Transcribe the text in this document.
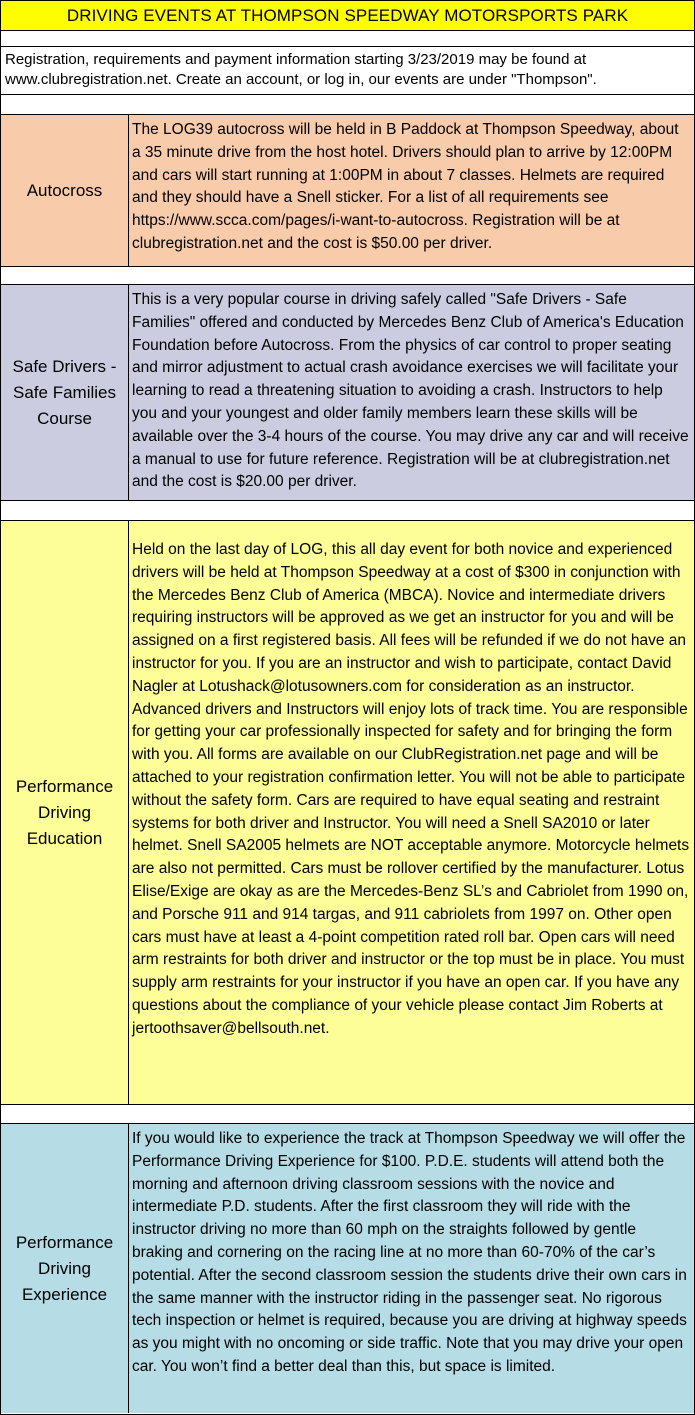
DRIVING EVENTS AT THOMPSON SPEEDWAY MOTORSPORTS PARK
Registration, requirements and payment information starting 3/23/2019 may be found at www.clubregistration.net. Create an account, or log in, our events are under "Thompson".
Autocross
The LOG39 autocross will be held in B Paddock at Thompson Speedway, about a 35 minute drive from the host hotel. Drivers should plan to arrive by 12:00PM and cars will start running at 1:00PM in about 7 classes. Helmets are required and they should have a Snell sticker. For a list of all requirements see https://www.scca.com/pages/i-want-to-autocross. Registration will be at clubregistration.net and the cost is $50.00 per driver.
Safe Drivers - Safe Families Course
This is a very popular course in driving safely called "Safe Drivers - Safe Families" offered and conducted by Mercedes Benz Club of America's Education Foundation before Autocross. From the physics of car control to proper seating and mirror adjustment to actual crash avoidance exercises we will facilitate your learning to read a threatening situation to avoiding a crash. Instructors to help you and your youngest and older family members learn these skills will be available over the 3-4 hours of the course. You may drive any car and will receive a manual to use for future reference. Registration will be at clubregistration.net and the cost is $20.00 per driver.
Performance Driving Education
Held on the last day of LOG, this all day event for both novice and experienced drivers will be held at Thompson Speedway at a cost of $300 in conjunction with the Mercedes Benz Club of America (MBCA). Novice and intermediate drivers requiring instructors will be approved as we get an instructor for you and will be assigned on a first registered basis. All fees will be refunded if we do not have an instructor for you. If you are an instructor and wish to participate, contact David Nagler at Lotushack@lotusowners.com for consideration as an instructor. Advanced drivers and Instructors will enjoy lots of track time. You are responsible for getting your car professionally inspected for safety and for bringing the form with you. All forms are available on our ClubRegistration.net page and will be attached to your registration confirmation letter. You will not be able to participate without the safety form. Cars are required to have equal seating and restraint systems for both driver and Instructor. You will need a Snell SA2010 or later helmet. Snell SA2005 helmets are NOT acceptable anymore. Motorcycle helmets are also not permitted. Cars must be rollover certified by the manufacturer. Lotus Elise/Exige are okay as are the Mercedes-Benz SL’s and Cabriolet from 1990 on, and Porsche 911 and 914 targas, and 911 cabriolets from 1997 on. Other open cars must have at least a 4-point competition rated roll bar. Open cars will need arm restraints for both driver and instructor or the top must be in place. You must supply arm restraints for your instructor if you have an open car. If you have any questions about the compliance of your vehicle please contact Jim Roberts at jertoothsaver@bellsouth.net.
Performance Driving Experience
If you would like to experience the track at Thompson Speedway we will offer the Performance Driving Experience for $100. P.D.E. students will attend both the morning and afternoon driving classroom sessions with the novice and intermediate P.D. students. After the first classroom they will ride with the instructor driving no more than 60 mph on the straights followed by gentle braking and cornering on the racing line at no more than 60-70% of the car’s potential. After the second classroom session the students drive their own cars in the same manner with the instructor riding in the passenger seat. No rigorous tech inspection or helmet is required, because you are driving at highway speeds as you might with no oncoming or side traffic. Note that you may drive your open car. You won’t find a better deal than this, but space is limited.
